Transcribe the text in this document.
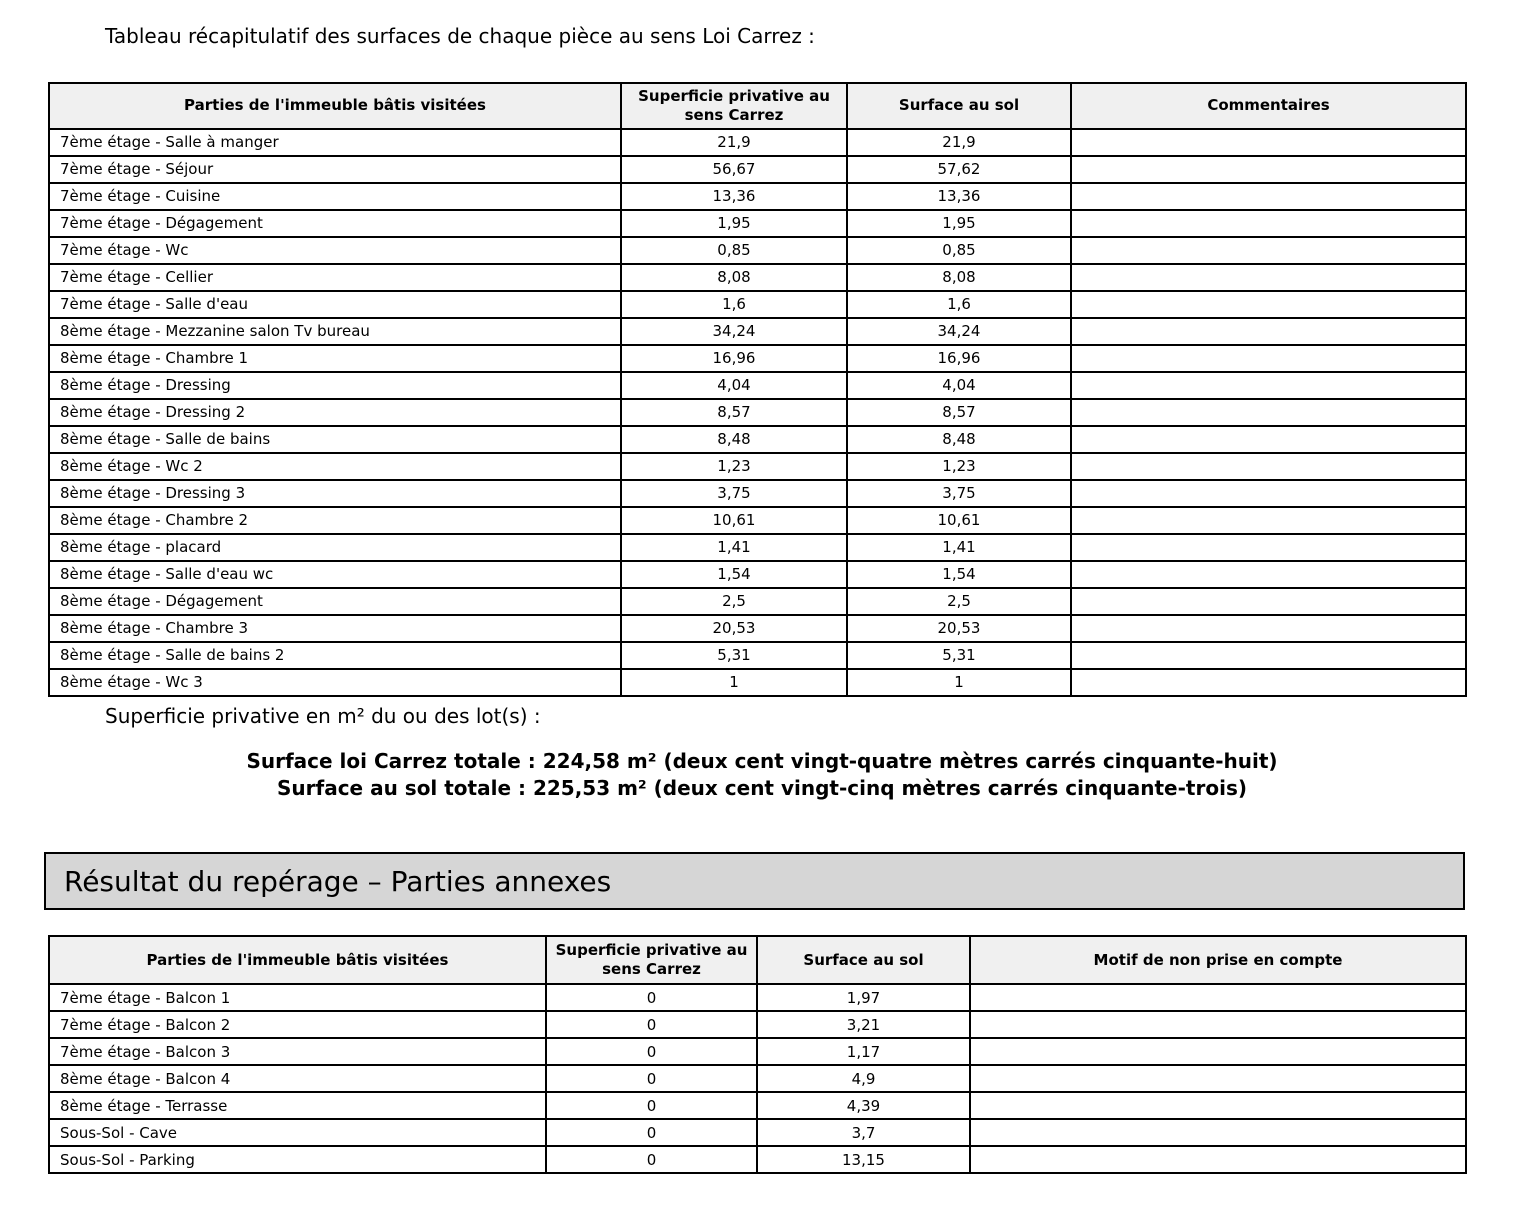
Tableau récapitulatif des surfaces de chaque pièce au sens Loi Carrez :
Parties de l'immeuble bâtis visitées	Superficie privative au sens Carrez	Surface au sol	Commentaires
7ème étage - Salle à manger	21,9	21,9	
7ème étage - Séjour	56,67	57,62	
7ème étage - Cuisine	13,36	13,36	
7ème étage - Dégagement	1,95	1,95	
7ème étage - Wc	0,85	0,85	
7ème étage - Cellier	8,08	8,08	
7ème étage - Salle d'eau	1,6	1,6	
8ème étage - Mezzanine salon Tv bureau	34,24	34,24	
8ème étage - Chambre 1	16,96	16,96	
8ème étage - Dressing	4,04	4,04	
8ème étage - Dressing 2	8,57	8,57	
8ème étage - Salle de bains	8,48	8,48	
8ème étage - Wc 2	1,23	1,23	
8ème étage - Dressing 3	3,75	3,75	
8ème étage - Chambre 2	10,61	10,61	
8ème étage - placard	1,41	1,41	
8ème étage - Salle d'eau wc	1,54	1,54	
8ème étage - Dégagement	2,5	2,5	
8ème étage - Chambre 3	20,53	20,53	
8ème étage - Salle de bains 2	5,31	5,31	
8ème étage - Wc 3	1	1	
Superficie privative en m² du ou des lot(s) :
Surface loi Carrez totale : 224,58 m² (deux cent vingt-quatre mètres carrés cinquante-huit)
Surface au sol totale : 225,53 m² (deux cent vingt-cinq mètres carrés cinquante-trois)
Résultat du repérage – Parties annexes
Parties de l'immeuble bâtis visitées	Superficie privative au sens Carrez	Surface au sol	Motif de non prise en compte
7ème étage - Balcon 1	0	1,97	
7ème étage - Balcon 2	0	3,21	
7ème étage - Balcon 3	0	1,17	
8ème étage - Balcon 4	0	4,9	
8ème étage - Terrasse	0	4,39	
Sous-Sol - Cave	0	3,7	
Sous-Sol - Parking	0	13,15	
